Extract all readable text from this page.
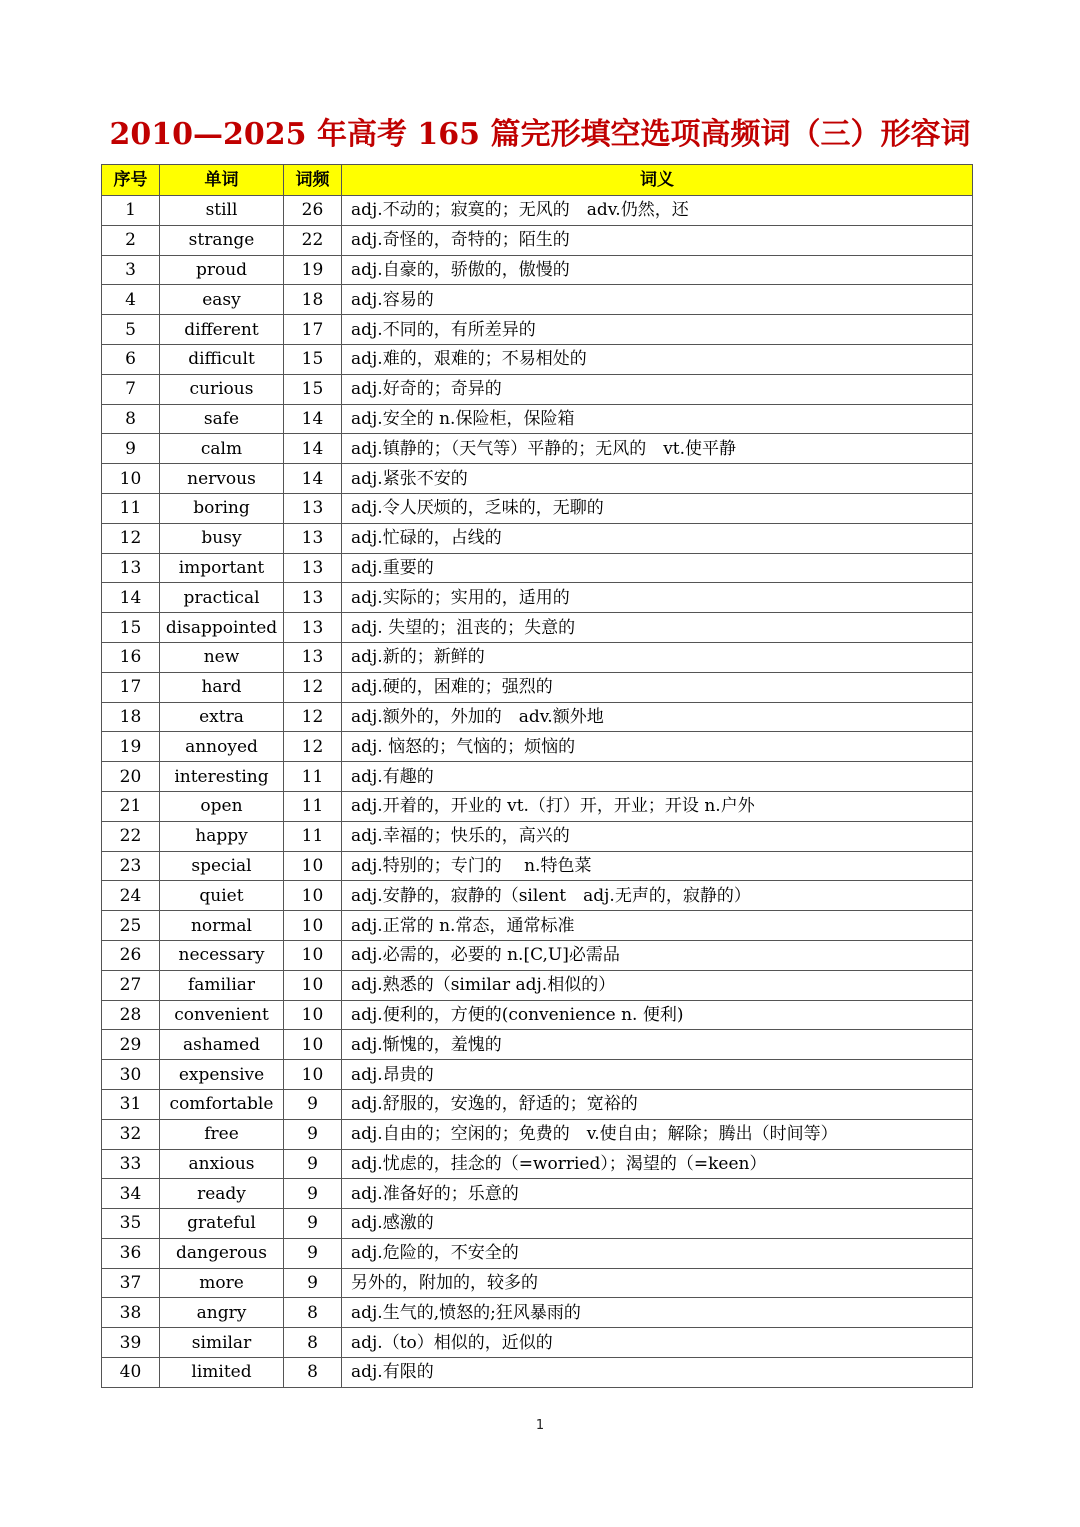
2010—2025 年高考 165 篇完形填空选项高频词（三）形容词
序号	单词	词频	词义
1	still	26	adj.不动的；寂寞的；无风的　adv.仍然，还
2	strange	22	adj.奇怪的，奇特的；陌生的
3	proud	19	adj.自豪的，骄傲的，傲慢的
4	easy	18	adj.容易的
5	different	17	adj.不同的，有所差异的
6	difficult	15	adj.难的，艰难的；不易相处的
7	curious	15	adj.好奇的；奇异的
8	safe	14	adj.安全的 n.保险柜，保险箱
9	calm	14	adj.镇静的；（天气等）平静的；无风的　vt.使平静
10	nervous	14	adj.紧张不安的
11	boring	13	adj.令人厌烦的，乏味的，无聊的
12	busy	13	adj.忙碌的，占线的
13	important	13	adj.重要的
14	practical	13	adj.实际的；实用的，适用的
15	disappointed	13	adj. 失望的；沮丧的；失意的
16	new	13	adj.新的；新鲜的
17	hard	12	adj.硬的，困难的；强烈的
18	extra	12	adj.额外的，外加的　adv.额外地
19	annoyed	12	adj. 恼怒的；气恼的；烦恼的
20	interesting	11	adj.有趣的
21	open	11	adj.开着的，开业的 vt.（打）开，开业；开设 n.户外
22	happy	11	adj.幸福的；快乐的，高兴的
23	special	10	adj.特别的；专门的　 n.特色菜
24	quiet	10	adj.安静的，寂静的（silent　adj.无声的，寂静的）
25	normal	10	adj.正常的 n.常态，通常标准
26	necessary	10	adj.必需的，必要的 n.[C,U]必需品
27	familiar	10	adj.熟悉的（similar adj.相似的）
28	convenient	10	adj.便利的，方便的(convenience n. 便利)
29	ashamed	10	adj.惭愧的，羞愧的
30	expensive	10	adj.昂贵的
31	comfortable	9	adj.舒服的，安逸的，舒适的；宽裕的
32	free	9	adj.自由的；空闲的；免费的　v.使自由；解除；腾出（时间等）
33	anxious	9	adj.忧虑的，挂念的（=worried）；渴望的（=keen）
34	ready	9	adj.准备好的；乐意的
35	grateful	9	adj.感激的
36	dangerous	9	adj.危险的，不安全的
37	more	9	另外的，附加的，较多的
38	angry	8	adj.生气的,愤怒的;狂风暴雨的
39	similar	8	adj.（to）相似的，近似的
40	limited	8	adj.有限的
1
